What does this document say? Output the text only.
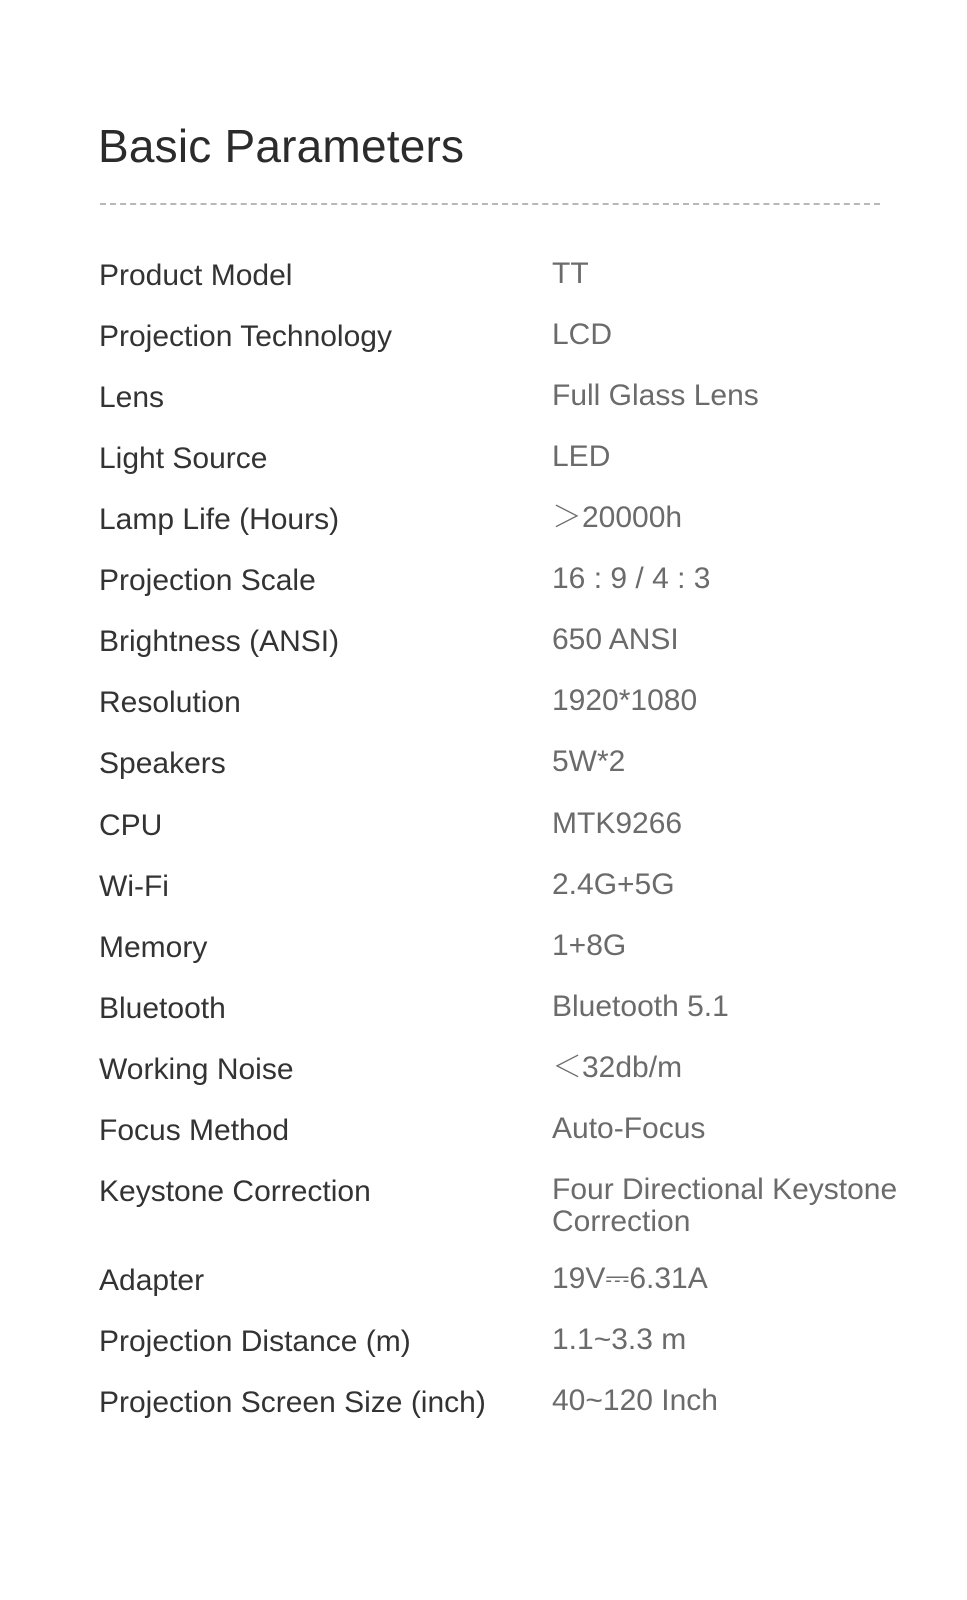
Basic Parameters
Product Model	TT
Projection Technology	LCD
Lens	Full Glass Lens
Light Source	LED
Lamp Life (Hours)	＞20000h
Projection Scale	16 : 9 / 4 : 3
Brightness (ANSI)	650 ANSI
Resolution	1920*1080
Speakers	5W*2
CPU	MTK9266
Wi-Fi	2.4G+5G
Memory	1+8G
Bluetooth	Bluetooth 5.1
Working Noise	＜32db/m
Focus Method	Auto-Focus
Keystone Correction	Four Directional Keystone Correction
Adapter	19V⎓6.31A
Projection Distance (m)	1.1~3.3 m
Projection Screen Size (inch) 40~120 Inch
